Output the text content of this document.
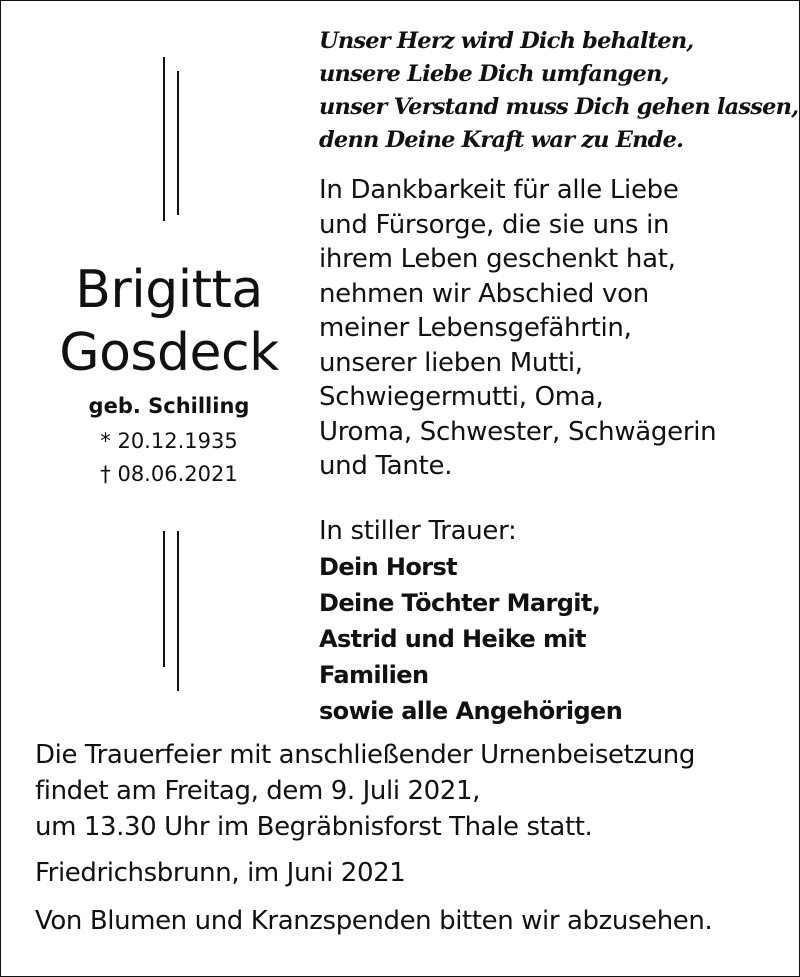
Unser Herz wird Dich behalten,
unsere Liebe Dich umfangen,
unser Verstand muss Dich gehen lassen,
denn Deine Kraft war zu Ende.
Brigitta
Gosdeck
geb. Schilling
* 20.12.1935
† 08.06.2021
In Dankbarkeit für alle Liebe
und Fürsorge, die sie uns in
ihrem Leben geschenkt hat,
nehmen wir Abschied von
meiner Lebensgefährtin,
unserer lieben Mutti,
Schwiegermutti, Oma,
Uroma, Schwester, Schwägerin
und Tante.
In stiller Trauer:
Dein Horst
Deine Töchter Margit,
Astrid und Heike mit
Familien
sowie alle Angehörigen
Die Trauerfeier mit anschließender Urnenbeisetzung
findet am Freitag, dem 9. Juli 2021,
um 13.30 Uhr im Begräbnisforst Thale statt.
Friedrichsbrunn, im Juni 2021
Von Blumen und Kranzspenden bitten wir abzusehen.
